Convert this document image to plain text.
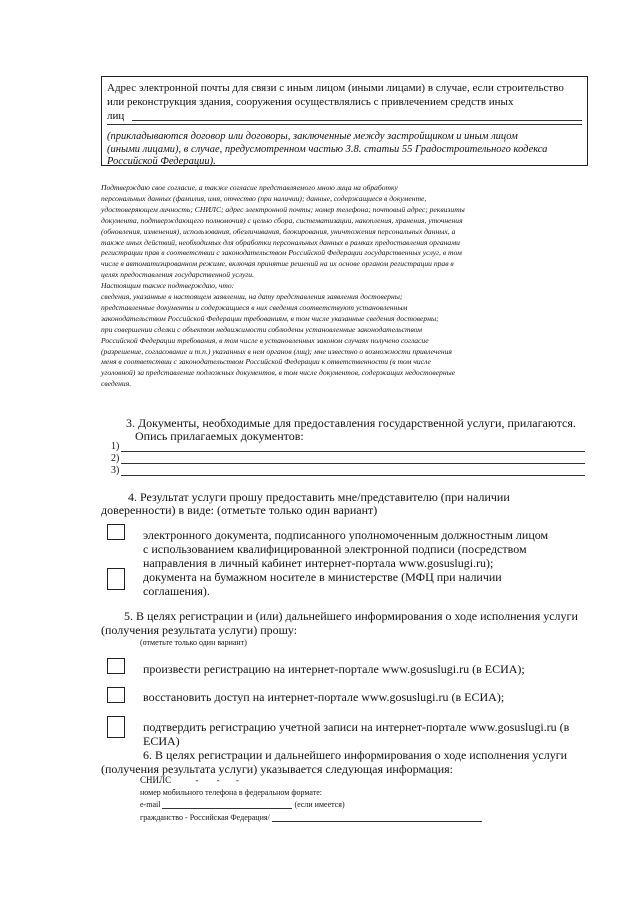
Адрес электронной почты для связи с иным лицом (иными лицами) в случае, если строительство
или реконструкция здания, сооружения осуществлялись с привлечением средств иных
лиц
(прикладываются договор или договоры, заключенные между застройщиком и иным лицом
(иными лицами), в случае, предусмотренном частью 3.8. статьи 55 Градостроительного кодекса
Российской Федерации).
Подтверждаю свое согласие, а также согласие представляемого мною лица на обработку
персональных данных (фамилия, имя, отчество (при наличии); данные, содержащиеся в документе,
удостоверяющем личность; СНИЛС; адрес электронной почты; номер телефона; почтовый адрес; реквизиты
документа, подтверждающего полномочия) с целью сбора, систематизации, накопления, хранения, уточнения
(обновления, изменения), использования, обезличивания, блокирования, уничтожения персональных данных, а
также иных действий, необходимых для обработки персональных данных в рамках предоставления органами
регистрации прав в соответствии с законодательством Российской Федерации государственных услуг, в том
числе в автоматизированном режиме, включая принятие решений на их основе органом регистрации прав в
целях предоставления государственной услуги.
Настоящим также подтверждаю, что:
сведения, указанные в настоящем заявлении, на дату представления заявления достоверны;
представленные документы и содержащиеся в них сведения соответствуют установленным
законодательством Российской Федерации требованиям, в том числе указанные сведения достоверны;
при совершении сделки с объектом недвижимости соблюдены установленные законодательством
Российской Федерации требования, в том числе в установленных законом случаях получено согласие
(разрешение, согласование и т.п.) указанных в нем органов (лиц); мне известно о возможности привлечения
меня в соответствии с законодательством Российской Федерации к ответственности (в том числе
уголовной) за представление подложных документов, в том числе документов, содержащих недостоверные
сведения.
3. Документы, необходимые для предоставления государственной услуги, прилагаются.
Опись прилагаемых документов:
1)
2)
3)
4. Результат услуги прошу предоставить мне/представителю (при наличии
доверенности) в виде: (отметьте только один вариант)
электронного документа, подписанного уполномоченным должностным лицом
с использованием квалифицированной электронной подписи (посредством
направления в личный кабинет интернет-портала www.gosuslugi.ru);
документа на бумажном носителе в министерстве (МФЦ при наличии
соглашения).
5. В целях регистрации и (или) дальнейшего информирования о ходе исполнения услуги
(получения результата услуги) прошу:
(отметьте только один вариант)
произвести регистрацию на интернет-портале www.gosuslugi.ru (в ЕСИА);
восстановить доступ на интернет-портале www.gosuslugi.ru (в ЕСИА);
подтвердить регистрацию учетной записи на интернет-портале www.gosuslugi.ru (в
ЕСИА)
6. В целях регистрации и дальнейшего информирования о ходе исполнения услуги
(получения результата услуги) указывается следующая информация:
СНИЛС	- - -
номер мобильного телефона в федеральном формате:
e-mail	(если имеется)
гражданство - Российская Федерация/
